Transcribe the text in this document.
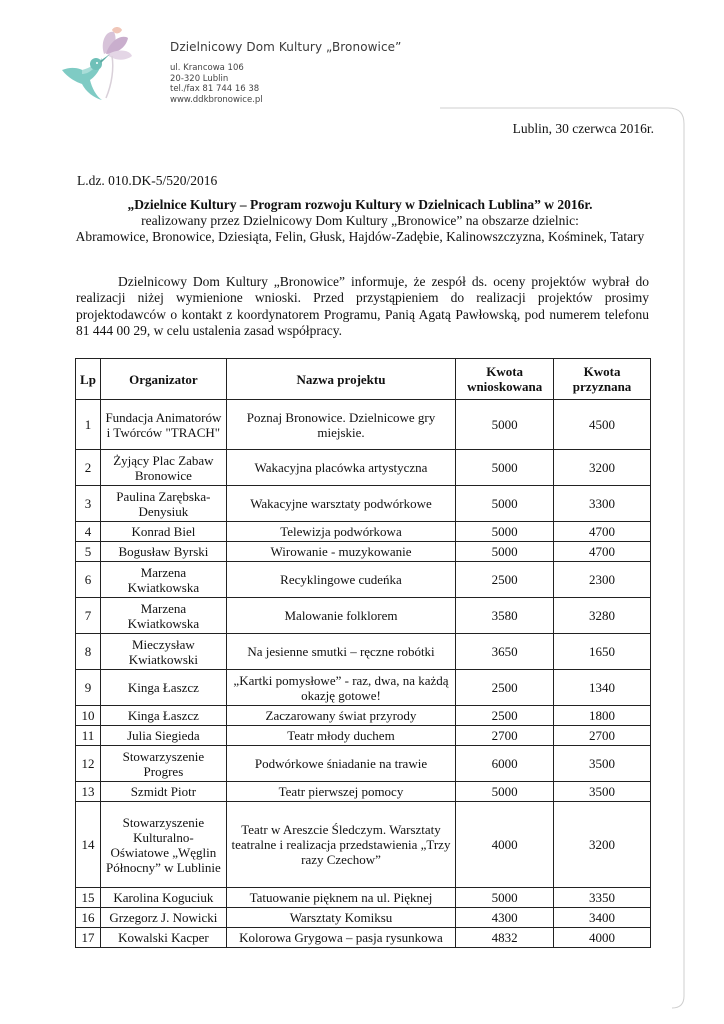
Dzielnicowy Dom Kultury „Bronowice”
ul. Krancowa 106
20-320 Lublin
tel./fax 81 744 16 38
www.ddkbronowice.pl
Lublin, 30 czerwca 2016r.
L.dz. 010.DK-5/520/2016
„Dzielnice Kultury – Program rozwoju Kultury w Dzielnicach Lublina” w 2016r.
realizowany przez Dzielnicowy Dom Kultury „Bronowice” na obszarze dzielnic:
Abramowice, Bronowice, Dziesiąta, Felin, Głusk, Hajdów-Zadębie, Kalinowszczyzna, Kośminek, Tatary
Dzielnicowy Dom Kultury „Bronowice” informuje, że zespół ds. oceny projektów wybrał do realizacji niżej wymienione wnioski. Przed przystąpieniem do realizacji projektów prosimy projektodawców o kontakt z koordynatorem Programu, Panią Agatą Pawłowską, pod numerem telefonu 81 444 00 29, w celu ustalenia zasad współpracy.
Lp	Organizator	Nazwa projektu	Kwota wnioskowana	Kwota przyznana
1	Fundacja Animatorów i Twórców "TRACH"	Poznaj Bronowice. Dzielnicowe gry miejskie.	5000	4500
2	Żyjący Plac Zabaw Bronowice	Wakacyjna placówka artystyczna	5000	3200
3	Paulina Zarębska-Denysiuk	Wakacyjne warsztaty podwórkowe	5000	3300
4	Konrad Biel	Telewizja podwórkowa	5000	4700
5	Bogusław Byrski	Wirowanie - muzykowanie	5000	4700
6	Marzena Kwiatkowska	Recyklingowe cudeńka	2500	2300
7	Marzena Kwiatkowska	Malowanie folklorem	3580	3280
8	Mieczysław Kwiatkowski	Na jesienne smutki – ręczne robótki	3650	1650
9	Kinga Łaszcz	„Kartki pomysłowe” - raz, dwa, na każdą okazję gotowe!	2500	1340
10	Kinga Łaszcz	Zaczarowany świat przyrody	2500	1800
11	Julia Siegieda	Teatr młody duchem	2700	2700
12	Stowarzyszenie Progres	Podwórkowe śniadanie na trawie	6000	3500
13	Szmidt Piotr	Teatr pierwszej pomocy	5000	3500
14	Stowarzyszenie Kulturalno-Oświatowe „Węglin Północny” w Lublinie	Teatr w Areszcie Śledczym. Warsztaty teatralne i realizacja przedstawienia „Trzy razy Czechow”	4000	3200
15	Karolina Koguciuk	Tatuowanie pięknem na ul. Pięknej	5000	3350
16	Grzegorz J. Nowicki	Warsztaty Komiksu	4300	3400
17	Kowalski Kacper	Kolorowa Grygowa – pasja rysunkowa	4832	4000
